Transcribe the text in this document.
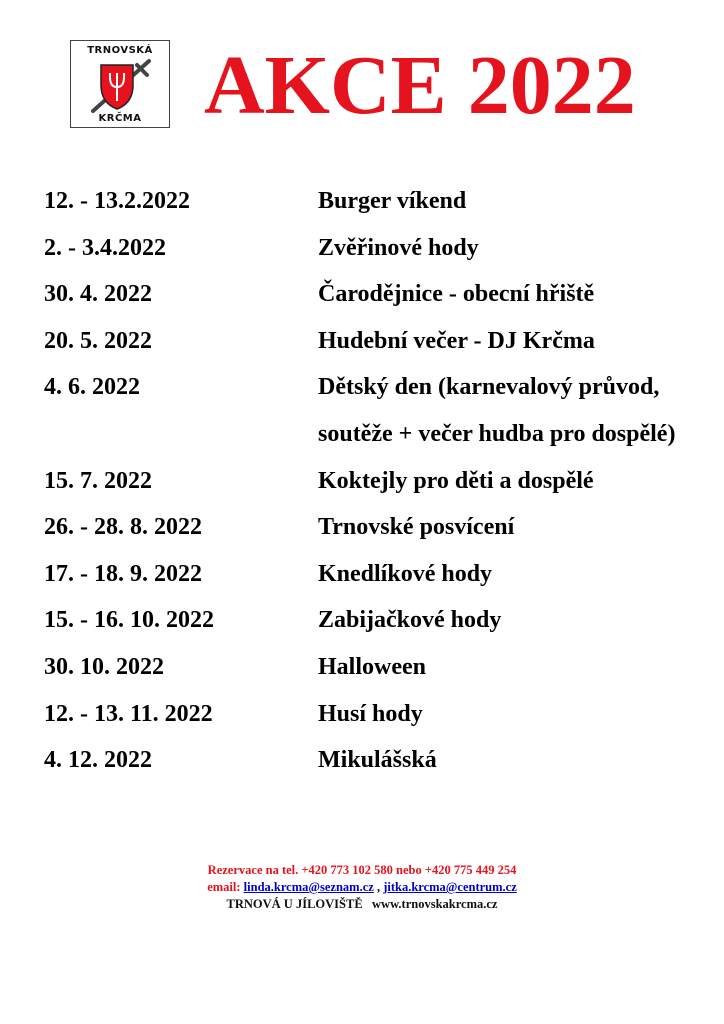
TRNOVSKÁ
KRČMA AKCE 2022
12. - 13.2.2022	Burger víkend
2. - 3.4.2022	Zvěřinové hody
30. 4. 2022	Čarodějnice - obecní hřiště
20. 5. 2022	Hudební večer - DJ Krčma
4. 6. 2022	Dětský den (karnevalový průvod, soutěže + večer hudba pro dospělé)
15. 7. 2022	Koktejly pro děti a dospělé
26. - 28. 8. 2022	Trnovské posvícení
17. - 18. 9. 2022	Knedlíkové hody
15. - 16. 10. 2022	Zabijačkové hody
30. 10. 2022	Halloween
12. - 13. 11. 2022	Husí hody
4. 12. 2022	Mikulášská
Rezervace na tel. +420 773 102 580 nebo +420 775 449 254
email: linda.krcma@seznam.cz , jitka.krcma@centrum.cz
TRNOVÁ U JÍLOVIŠTĚ www.trnovskakrcma.cz
